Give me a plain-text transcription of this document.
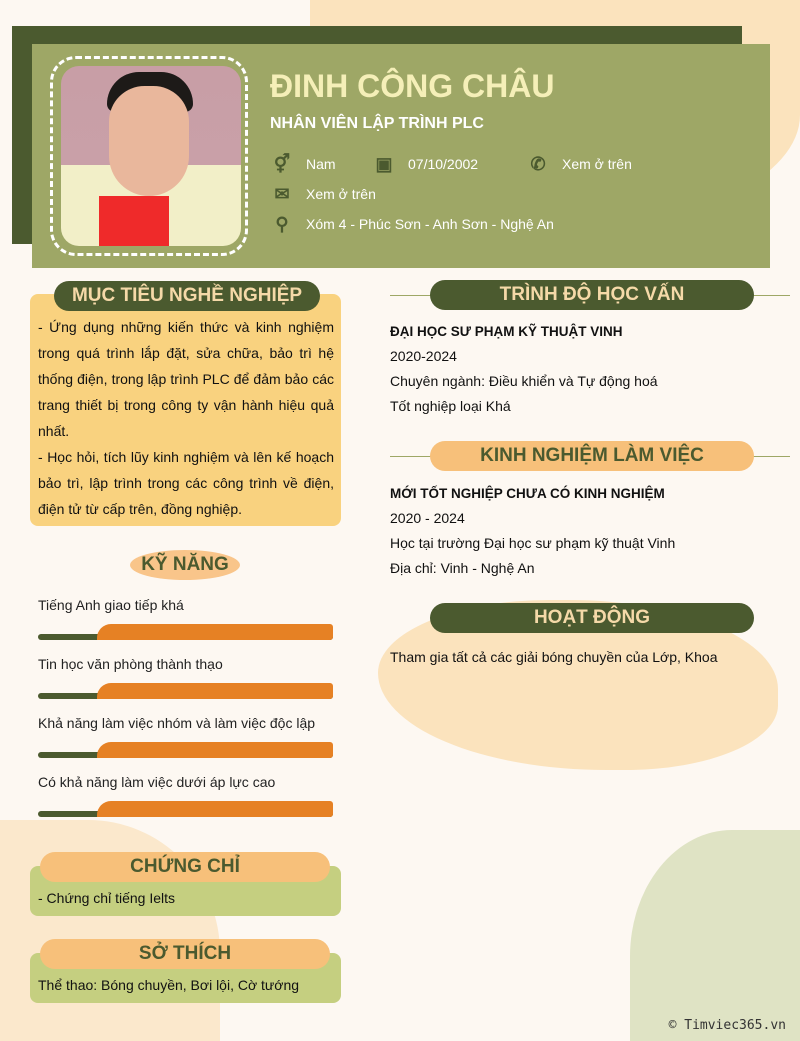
ĐINH CÔNG CHÂU
NHÂN VIÊN LẬP TRÌNH PLC
⚥ Nam ▣ 07/10/2002	✆ Xem ở trên
✉ Xem ở trên
⚲ Xóm 4 - Phúc Sơn - Anh Sơn - Nghệ An
MỤC TIÊU NGHỀ NGHIỆP

- Ứng dụng những kiến thức và kinh nghiệm trong quá trình lắp đặt, sửa chữa, bảo trì hệ thống điện, trong lập trình PLC để đảm bảo các trang thiết bị trong công ty vận hành hiệu quả nhất.

- Học hỏi, tích lũy kinh nghiệm và lên kế hoạch bảo trì, lập trình trong các công trình về điện, điện tử từ cấp trên, đồng nghiệp.

KỸ NĂNG
Tiếng Anh giao tiếp khá
Tin học văn phòng thành thạo
Khả năng làm việc nhóm và làm việc độc lập
Có khả năng làm việc dưới áp lực cao
CHỨNG CHỈ
- Chứng chỉ tiếng Ielts
SỞ THÍCH
Thể thao: Bóng chuyền, Bơi lội, Cờ tướng
TRÌNH ĐỘ HỌC VẤN
ĐẠI HỌC SƯ PHẠM KỸ THUẬT VINH
2020-2024
Chuyên ngành: Điều khiển và Tự động hoá
Tốt nghiệp loại Khá
KINH NGHIỆM LÀM VIỆC
MỚI TỐT NGHIỆP CHƯA CÓ KINH NGHIỆM
2020 - 2024
Học tại trường Đại học sư phạm kỹ thuật Vinh
Địa chỉ: Vinh - Nghệ An
HOẠT ĐỘNG
Tham gia tất cả các giải bóng chuyền của Lớp, Khoa
© Timviec365.vn
